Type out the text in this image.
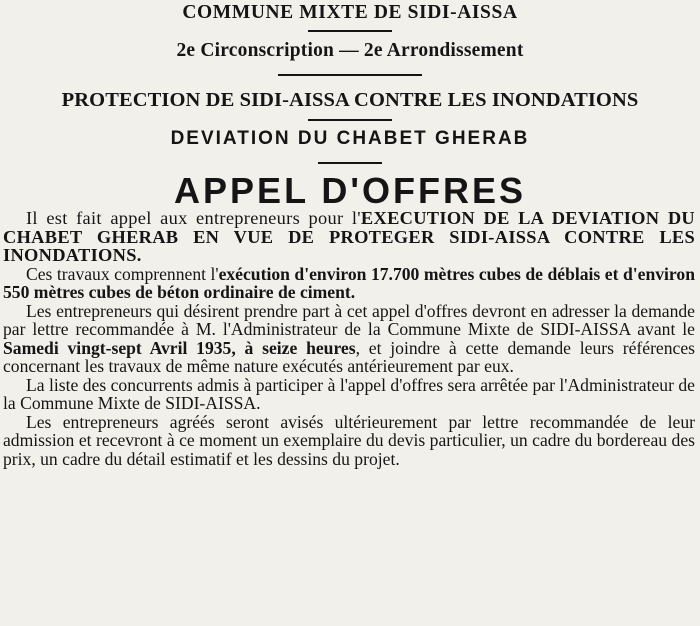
COMMUNE MIXTE DE SIDI-AISSA
2e Circonscription — 2e Arrondissement
PROTECTION DE SIDI-AISSA CONTRE LES INONDATIONS
DEVIATION DU CHABET GHERAB
APPEL D'OFFRES

Il est fait appel aux entrepreneurs pour l'EXECUTION DE LA DEVIATION DU CHABET GHERAB EN VUE DE PROTEGER SIDI-AISSA CONTRE LES INONDATIONS.

Ces travaux comprennent l'exécution d'environ 17.700 mètres cubes de déblais et d'environ 550 mètres cubes de béton ordinaire de ciment.

Les entrepreneurs qui désirent prendre part à cet appel d'offres devront en adresser la demande par lettre recommandée à M. l'Administrateur de la Commune Mixte de SIDI-AISSA avant le Samedi vingt-sept Avril 1935, à seize heures, et joindre à cette demande leurs références concernant les travaux de même nature exécutés antérieurement par eux.

La liste des concurrents admis à participer à l'appel d'offres sera arrêtée par l'Administrateur de la Commune Mixte de SIDI-AISSA.

Les entrepreneurs agréés seront avisés ultérieurement par lettre recommandée de leur admission et recevront à ce moment un exemplaire du devis particulier, un cadre du bordereau des prix, un cadre du détail estimatif et les dessins du projet.
